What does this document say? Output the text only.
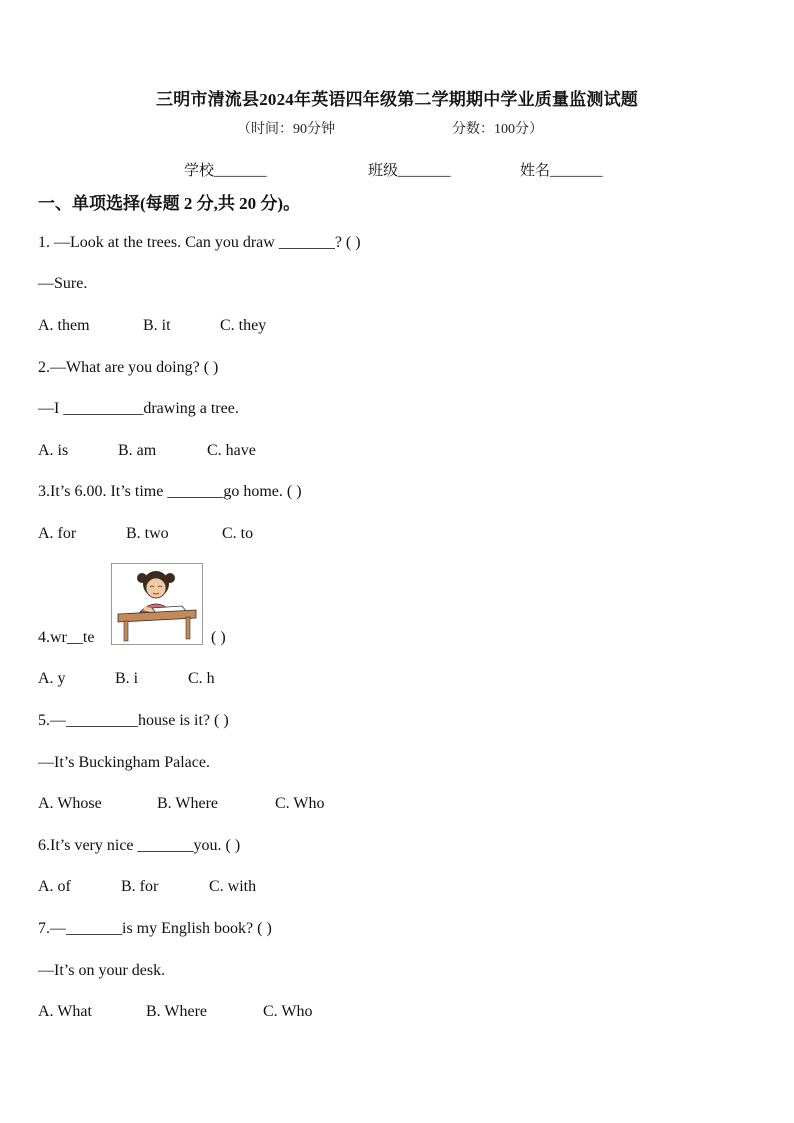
三明市清流县2024年英语四年级第二学期期中学业质量监测试题
（时间：90分钟	分数：100分）
学校_______	班级_______	姓名_______
一、单项选择(每题 2 分,共 20 分)。
1. —Look at the trees. Can you draw _______? ( )
—Sure.
A. them	B. it	C. they
2.—What are you doing? ( )
—I __________drawing a tree.
A. is	B. am	C. have
3.It’s 6.00. It’s time _______go home. ( )
A. for	B. two	C. to
4.wr__te	( )
A. y	B. i	C. h
5.—_________house is it? ( )
—It’s Buckingham Palace.
A. Whose	B. Where	C. Who
6.It’s very nice _______you. ( )
A. of	B. for	C. with
7.—_______is my English book? ( )
—It’s on your desk.
A. What	B. Where	C. Who
